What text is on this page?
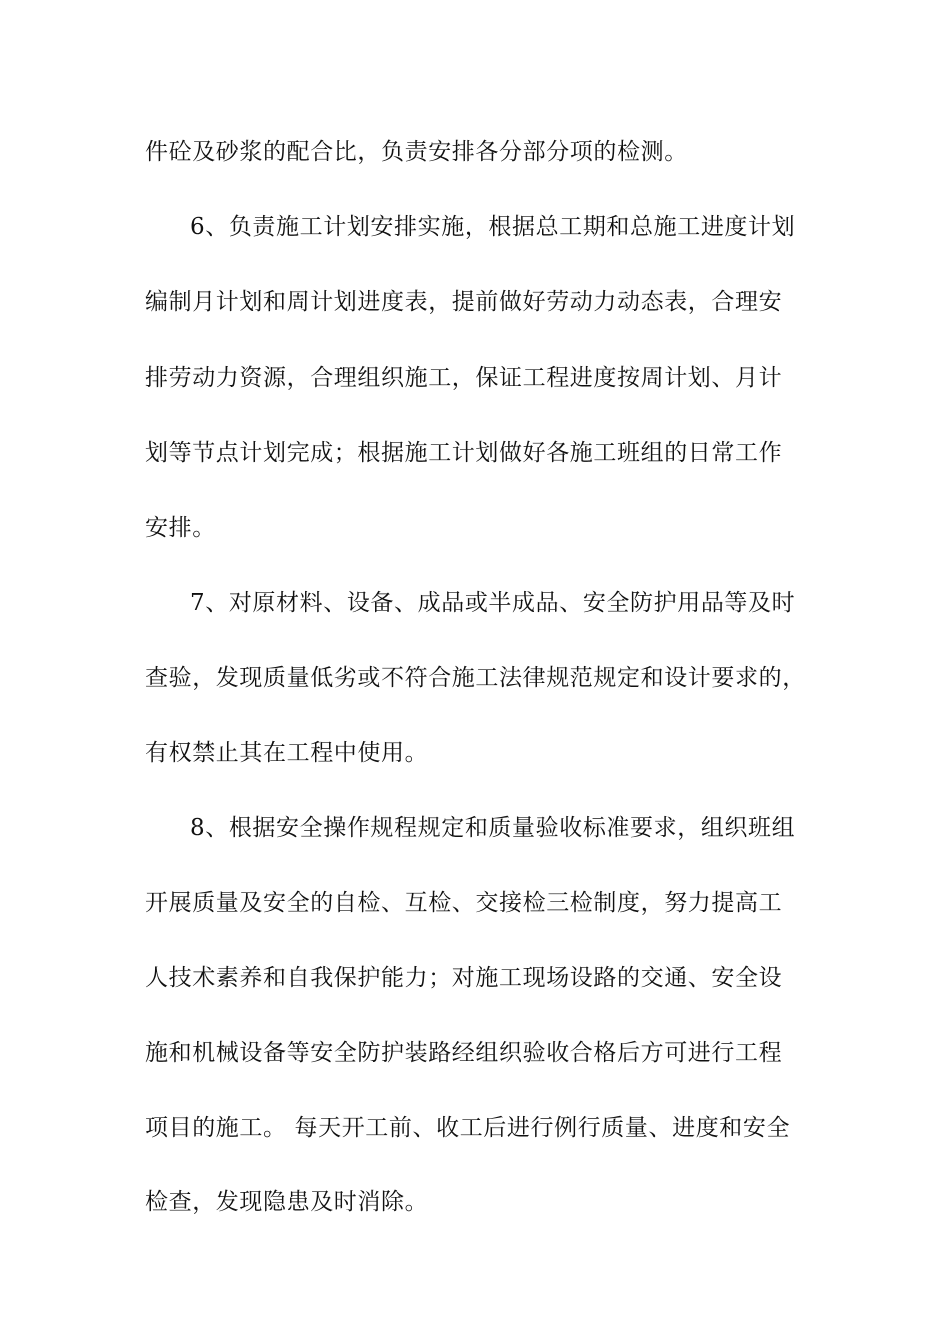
件砼及砂浆的配合比，负责安排各分部分项的检测。
6、负责施工计划安排实施，根据总工期和总施工进度计划
编制月计划和周计划进度表，提前做好劳动力动态表，合理安
排劳动力资源，合理组织施工，保证工程进度按周计划、月计
划等节点计划完成；根据施工计划做好各施工班组的日常工作
安排。
7、对原材料、设备、成品或半成品、安全防护用品等及时
查验，发现质量低劣或不符合施工法律规范规定和设计要求的，
有权禁止其在工程中使用。
8、根据安全操作规程规定和质量验收标准要求，组织班组
开展质量及安全的自检、互检、交接检三检制度，努力提高工
人技术素养和自我保护能力；对施工现场设路的交通、安全设
施和机械设备等安全防护装路经组织验收合格后方可进行工程
项目的施工。 每天开工前、收工后进行例行质量、进度和安全
检查，发现隐患及时消除。
